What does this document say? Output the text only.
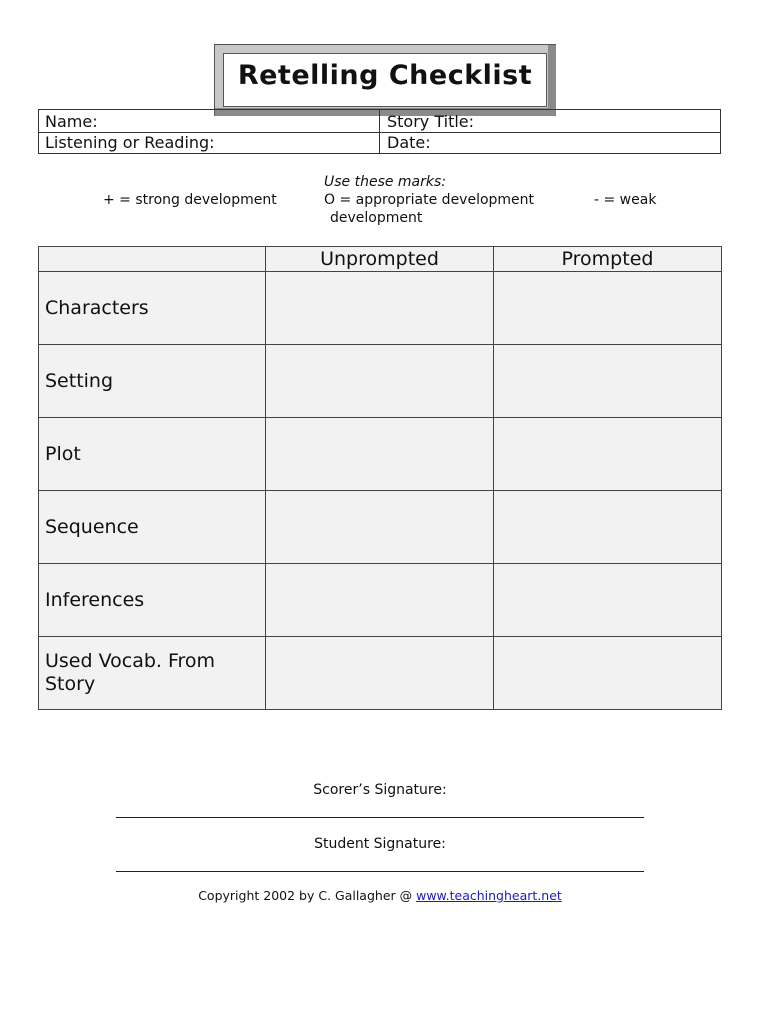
Retelling Checklist
Name:	Story Title:
Listening or Reading:	Date:
Use these marks:
+ = strong development	O = appropriate development	- = weak
development
	Unprompted	Prompted
Characters		
Setting		
Plot		
Sequence		
Inferences		
Used Vocab. From Story		
Scorer’s Signature:
Student Signature:
Copyright 2002 by C. Gallagher @ www.teachingheart.net
